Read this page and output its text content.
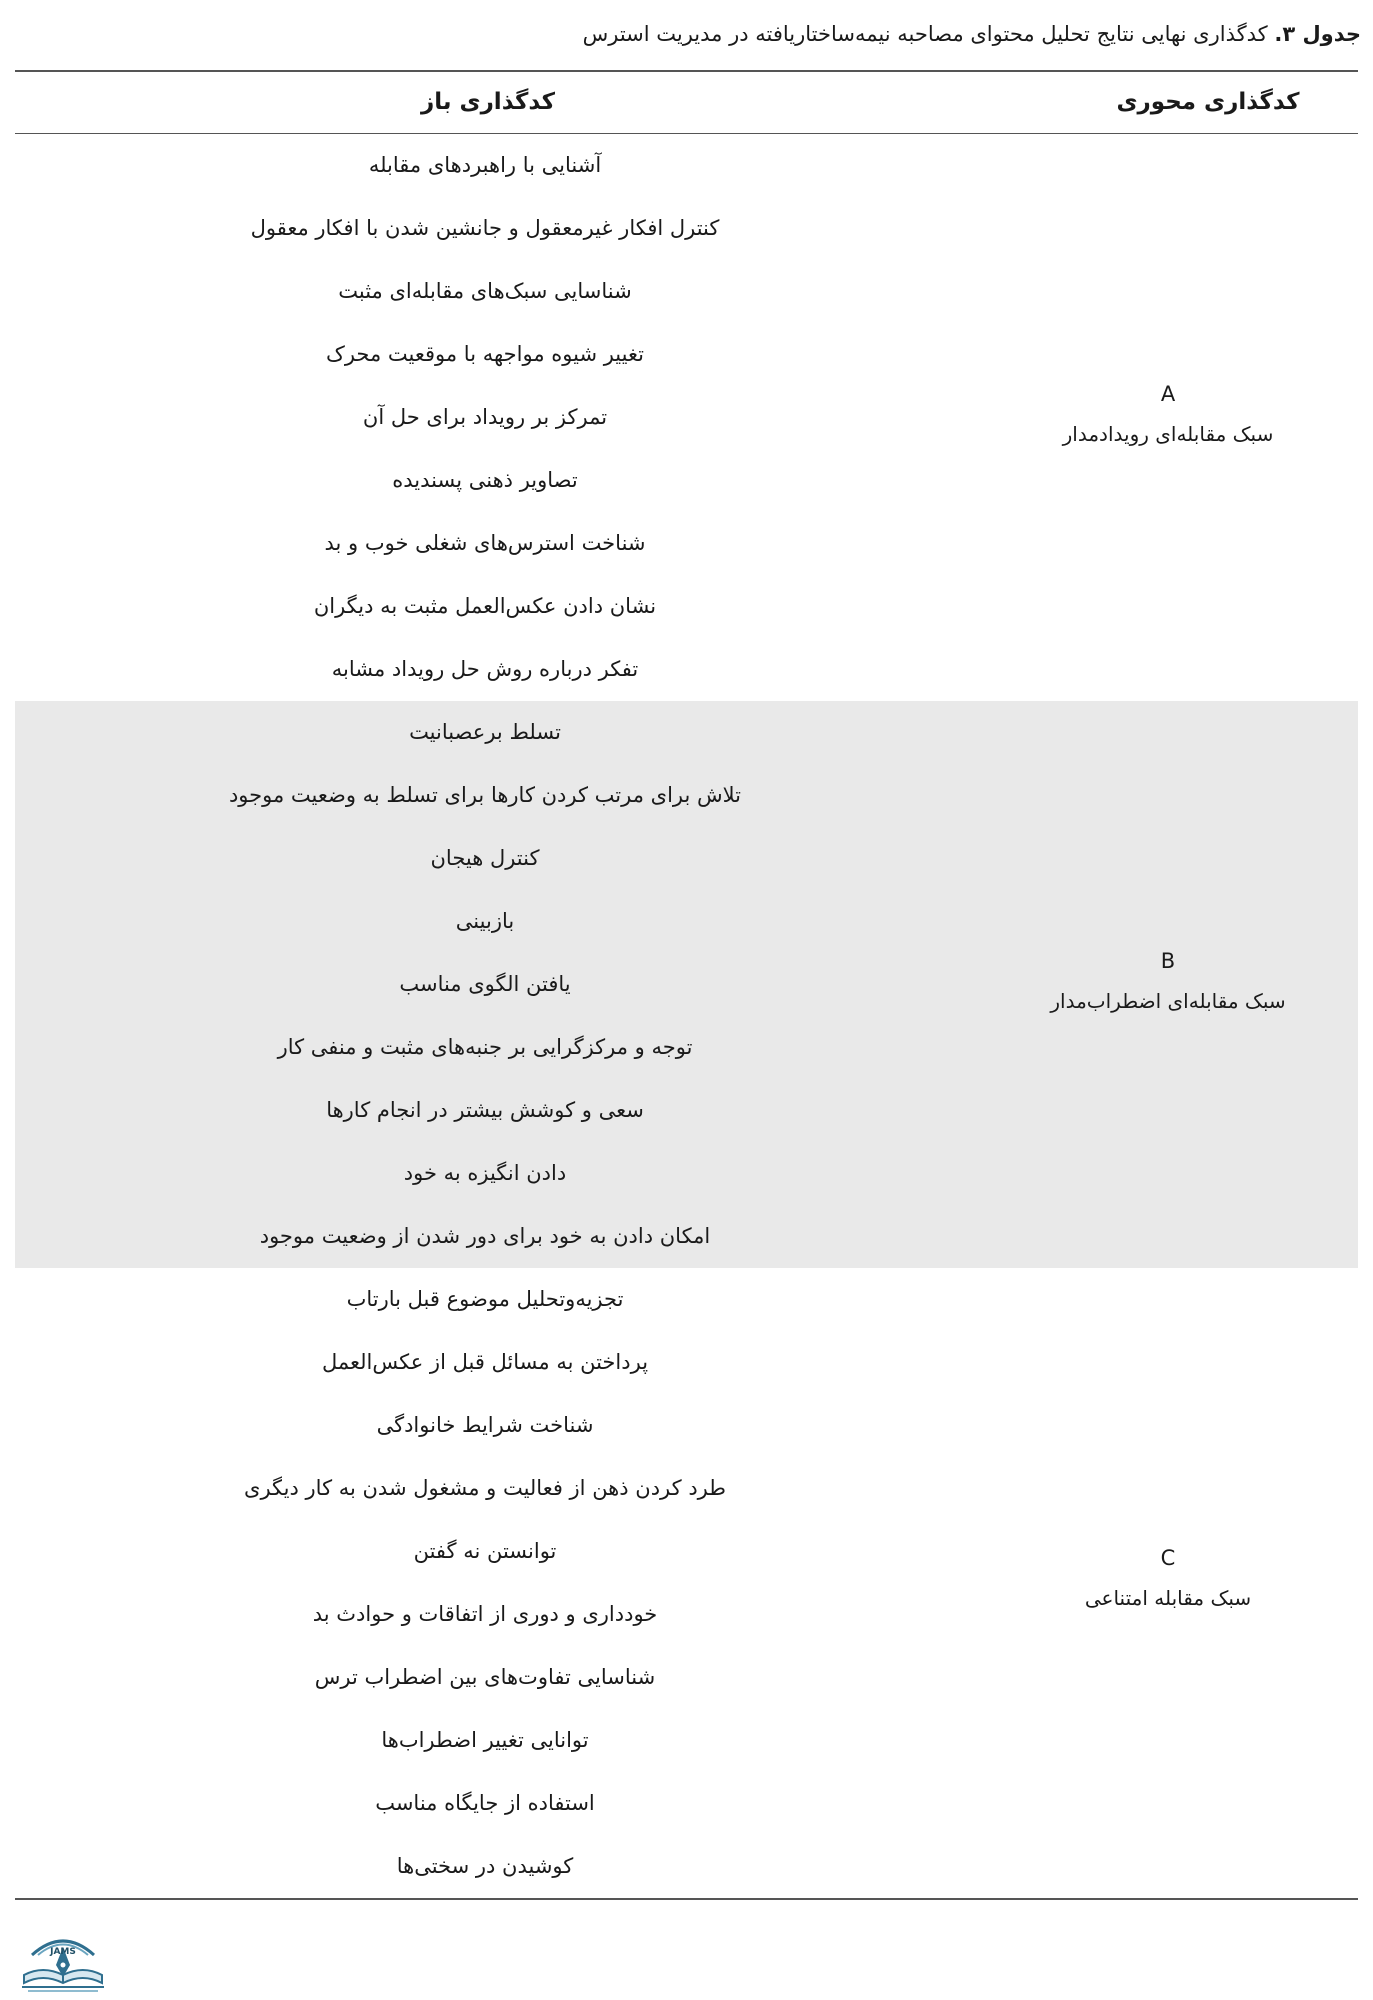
جدول ۳. کدگذاری نهایی نتایج تحلیل محتوای مصاحبه نیمه‌ساختاریافته در مدیریت استرس
کدگذاری محوری
کدگذاری باز
A
سبک مقابله‌ای رویدادمدار
آشنایی با راهبردهای مقابله
کنترل افکار غیرمعقول و جانشین شدن با افکار معقول
شناسایی سبک‌های مقابله‌ای مثبت
تغییر شیوه مواجهه با موقعیت محرک
تمرکز بر رویداد برای حل آن
تصاویر ذهنی پسندیده
شناخت استرس‌های شغلی خوب و بد
نشان دادن عکس‌العمل مثبت به دیگران
تفکر درباره روش حل رویداد مشابه
B
سبک مقابله‌ای اضطراب‌مدار
تسلط برعصبانیت
تلاش برای مرتب کردن کارها برای تسلط به وضعیت موجود
کنترل هیجان
بازبینی
یافتن الگوی مناسب
توجه و مرکزگرایی بر جنبه‌های مثبت و منفی کار
سعی و کوشش بیشتر در انجام کارها
دادن انگیزه به خود
امکان دادن به خود برای دور شدن از وضعیت موجود
C
سبک مقابله امتناعی
تجزیه‌وتحلیل موضوع قبل بارتاب
پرداختن به مسائل قبل از عکس‌العمل
شناخت شرایط خانوادگی
طرد کردن ذهن از فعالیت و مشغول شدن به کار دیگری
توانستن نه گفتن
خودداری و دوری از اتفاقات و حوادث بد
شناسایی تفاوت‌های بین اضطراب ترس
توانایی تغییر اضطراب‌ها
استفاده از جایگاه مناسب
کوشیدن در سختی‌ها
JAMS
